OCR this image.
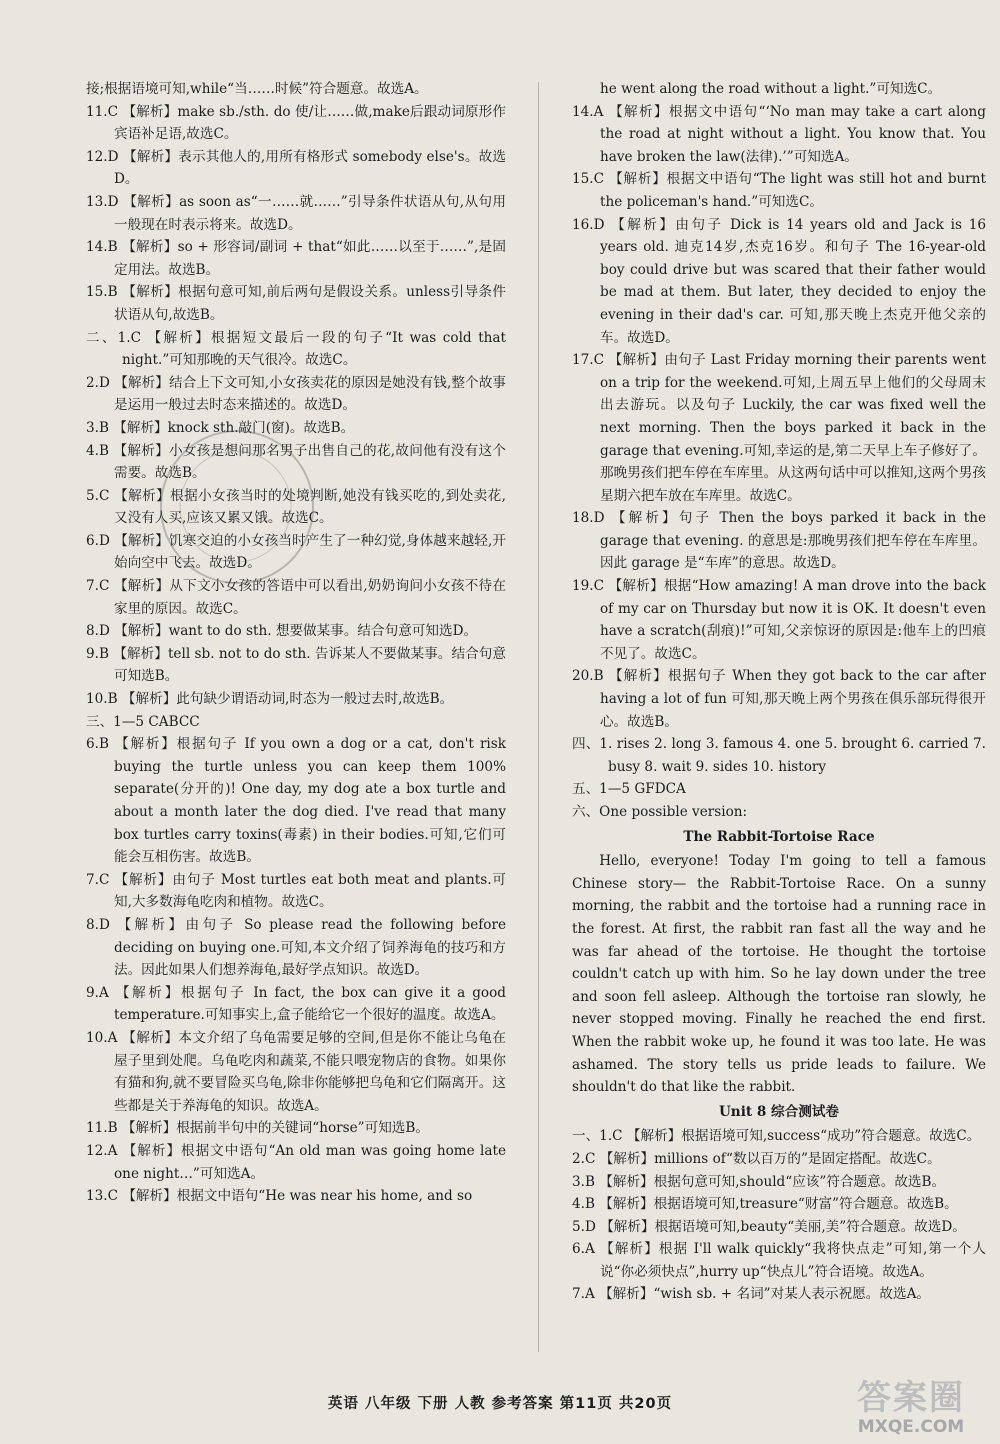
接;根据语境可知,while“当……时候”符合题意。故选A。

11.C 【解析】make sb./sth. do 使/让……做,make后跟动词原形作宾语补足语,故选C。

12.D 【解析】表示其他人的,用所有格形式 somebody else's。故选D。

13.D 【解析】as soon as“一……就……”引导条件状语从句,从句用一般现在时表示将来。故选D。

14.B 【解析】so + 形容词/副词 + that“如此……以至于……”,是固定用法。故选B。

15.B 【解析】根据句意可知,前后两句是假设关系。unless引导条件状语从句,故选B。

二、1.C 【解析】根据短文最后一段的句子“It was cold that night.”可知那晚的天气很冷。故选C。

2.D 【解析】结合上下文可知,小女孩卖花的原因是她没有钱,整个故事是运用一般过去时态来描述的。故选D。

3.B 【解析】knock sth.敲门(窗)。故选B。

4.B 【解析】小女孩是想问那名男子出售自己的花,故问他有没有这个需要。故选B。

5.C 【解析】根据小女孩当时的处境判断,她没有钱买吃的,到处卖花,又没有人买,应该又累又饿。故选C。

6.D 【解析】饥寒交迫的小女孩当时产生了一种幻觉,身体越来越轻,开始向空中飞去。故选D。

7.C 【解析】从下文小女孩的答语中可以看出,奶奶询问小女孩不待在家里的原因。故选C。

8.D 【解析】want to do sth. 想要做某事。结合句意可知选D。

9.B 【解析】tell sb. not to do sth. 告诉某人不要做某事。结合句意可知选B。

10.B 【解析】此句缺少谓语动词,时态为一般过去时,故选B。

三、1—5 CABCC

6.B 【解析】根据句子 If you own a dog or a cat, don't risk buying the turtle unless you can keep them 100% separate(分开的)! One day, my dog ate a box turtle and about a month later the dog died. I've read that many box turtles carry toxins(毒素) in their bodies.可知,它们可能会互相伤害。故选B。

7.C 【解析】由句子 Most turtles eat both meat and plants.可知,大多数海龟吃肉和植物。故选C。

8.D 【解析】由句子 So please read the following before deciding on buying one.可知,本文介绍了饲养海龟的技巧和方法。因此如果人们想养海龟,最好学点知识。故选D。

9.A 【解析】根据句子 In fact, the box can give it a good temperature.可知事实上,盒子能给它一个很好的温度。故选A。

10.A 【解析】本文介绍了乌龟需要足够的空间,但是你不能让乌龟在屋子里到处爬。乌龟吃肉和蔬菜,不能只喂宠物店的食物。如果你有猫和狗,就不要冒险买乌龟,除非你能够把乌龟和它们隔离开。这些都是关于养海龟的知识。故选A。

11.B 【解析】根据前半句中的关键词“horse”可知选B。

12.A 【解析】根据文中语句“An old man was going home late one night…”可知选A。

13.C 【解析】根据文中语句“He was near his home, and so

he went along the road without a light.”可知选C。

14.A 【解析】根据文中语句“‘No man may take a cart along the road at night without a light. You know that. You have broken the law(法律).’”可知选A。

15.C 【解析】根据文中语句“The light was still hot and burnt the policeman's hand.”可知选C。

16.D 【解析】由句子 Dick is 14 years old and Jack is 16 years old. 迪克14岁,杰克16岁。和句子 The 16-year-old boy could drive but was scared that their father would be mad at them. But later, they decided to enjoy the evening in their dad's car. 可知,那天晚上杰克开他父亲的车。故选D。

17.C 【解析】由句子 Last Friday morning their parents went on a trip for the weekend.可知,上周五早上他们的父母周末出去游玩。以及句子 Luckily, the car was fixed well the next morning. Then the boys parked it back in the garage that evening.可知,幸运的是,第二天早上车子修好了。那晚男孩们把车停在车库里。从这两句话中可以推知,这两个男孩星期六把车放在车库里。故选C。

18.D 【解析】句子 Then the boys parked it back in the garage that evening. 的意思是:那晚男孩们把车停在车库里。因此 garage 是“车库”的意思。故选D。

19.C 【解析】根据“How amazing! A man drove into the back of my car on Thursday but now it is OK. It doesn't even have a scratch(刮痕)!”可知,父亲惊讶的原因是:他车上的凹痕不见了。故选C。

20.B 【解析】根据句子 When they got back to the car after having a lot of fun 可知,那天晚上两个男孩在俱乐部玩得很开心。故选B。

四、1. rises 2. long 3. famous 4. one 5. brought 6. carried 7. busy 8. wait 9. sides 10. history

五、1—5 GFDCA

六、One possible version:

The Rabbit-Tortoise Race

Hello, everyone! Today I'm going to tell a famous Chinese story— the Rabbit-Tortoise Race. On a sunny morning, the rabbit and the tortoise had a running race in the forest. At first, the rabbit ran fast all the way and he was far ahead of the tortoise. He thought the tortoise couldn't catch up with him. So he lay down under the tree and soon fell asleep. Although the tortoise ran slowly, he never stopped moving. Finally he reached the end first. When the rabbit woke up, he found it was too late. He was ashamed. The story tells us pride leads to failure. We shouldn't do that like the rabbit.

Unit 8 综合测试卷

一、1.C 【解析】根据语境可知,success“成功”符合题意。故选C。

2.C 【解析】millions of“数以百万的”是固定搭配。故选C。

3.B 【解析】根据句意可知,should“应该”符合题意。故选B。

4.B 【解析】根据语境可知,treasure“财富”符合题意。故选B。

5.D 【解析】根据语境可知,beauty“美丽,美”符合题意。故选D。

6.A 【解析】根据 I'll walk quickly“我将快点走”可知,第一个人说“你必须快点”,hurry up“快点儿”符合语境。故选A。

7.A 【解析】“wish sb. + 名词”对某人表示祝愿。故选A。

英语 八年级 下册 人教 参考答案 第11页 共20页	答案圈
MXQE.COM
